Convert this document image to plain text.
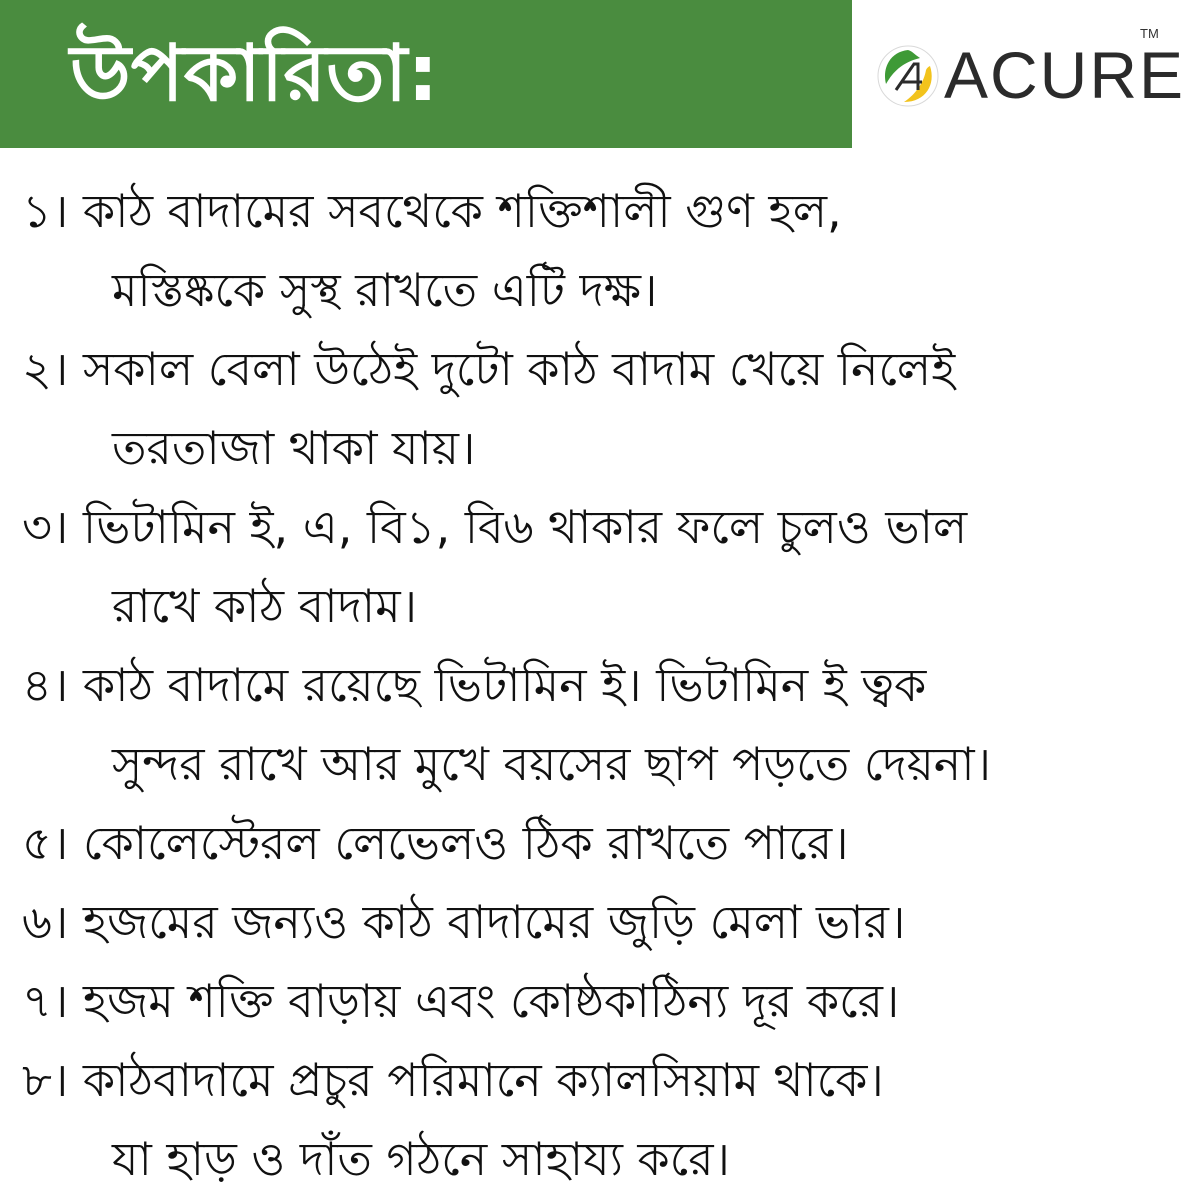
উপকারিতা:	ACURE
TM
১। কাঠ বাদামের সবথেকে শক্তিশালী গুণ হল,
মস্তিষ্ককে সুস্থ রাখতে এটি দক্ষ।
২। সকাল বেলা উঠেই দুটো কাঠ বাদাম খেয়ে নিলেই
তরতাজা থাকা যায়।
৩। ভিটামিন ই, এ, বি১, বি৬ থাকার ফলে চুলও ভাল
রাখে কাঠ বাদাম।
৪। কাঠ বাদামে রয়েছে ভিটামিন ই। ভিটামিন ই ত্বক
সুন্দর রাখে আর মুখে বয়সের ছাপ পড়তে দেয়না।
৫। কোলেস্টেরল লেভেলও ঠিক রাখতে পারে।
৬। হজমের জন্যও কাঠ বাদামের জুড়ি মেলা ভার।
৭। হজম শক্তি বাড়ায় এবং কোষ্ঠকাঠিন্য দূর করে।
৮। কাঠবাদামে প্রচুর পরিমানে ক্যালসিয়াম থাকে।
যা হাড় ও দাঁত গঠনে সাহায্য করে।
